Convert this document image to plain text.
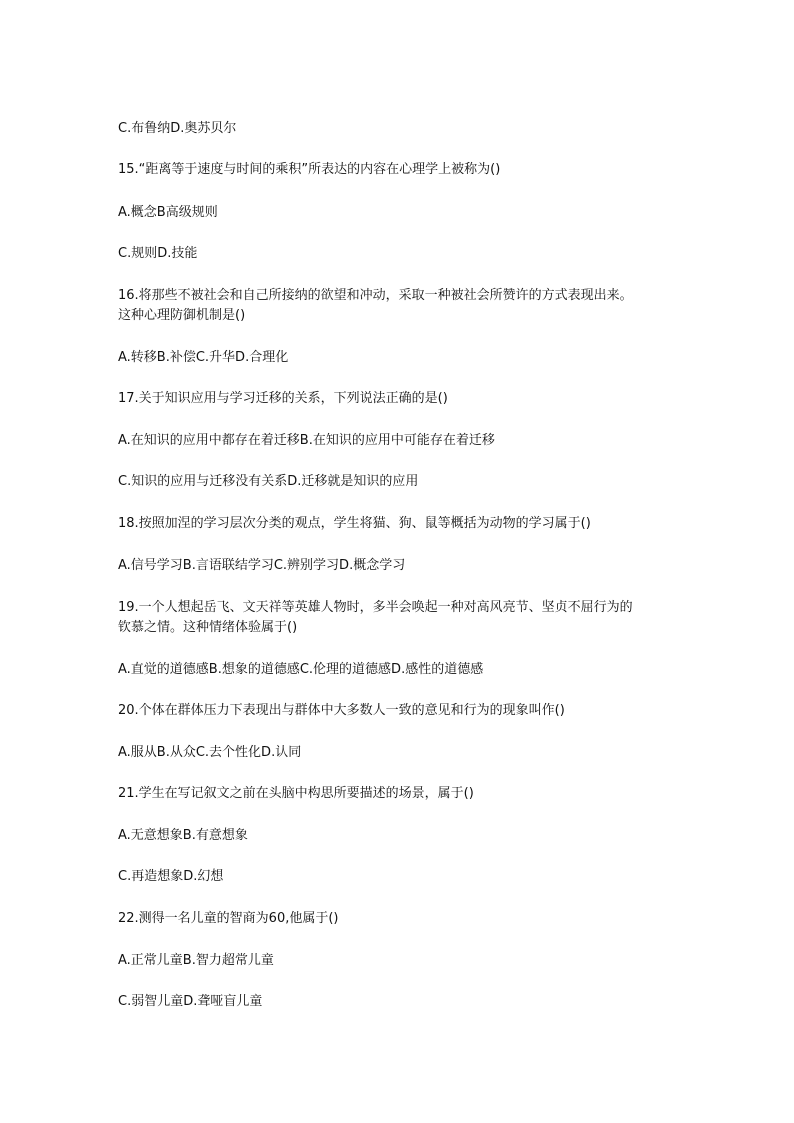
C.布鲁纳D.奥苏贝尔
15.“距离等于速度与时间的乘积”所表达的内容在心理学上被称为()
A.概念B高级规则
C.规则D.技能
16.将那些不被社会和自己所接纳的欲望和冲动，采取一种被社会所赞许的方式表现出来。
这种心理防御机制是()
A.转移B.补偿C.升华D.合理化
17.关于知识应用与学习迁移的关系，下列说法正确的是()
A.在知识的应用中都存在着迁移B.在知识的应用中可能存在着迁移
C.知识的应用与迁移没有关系D.迁移就是知识的应用
18.按照加涅的学习层次分类的观点，学生将猫、狗、鼠等概括为动物的学习属于()
A.信号学习B.言语联结学习C.辨别学习D.概念学习
19.一个人想起岳飞、文天祥等英雄人物时，多半会唤起一种对高风亮节、坚贞不屈行为的
钦慕之情。这种情绪体验属于()
A.直觉的道德感B.想象的道德感C.伦理的道德感D.感性的道德感
20.个体在群体压力下表现出与群体中大多数人一致的意见和行为的现象叫作()
A.服从B.从众C.去个性化D.认同
21.学生在写记叙文之前在头脑中构思所要描述的场景，属于()
A.无意想象B.有意想象
C.再造想象D.幻想
22.测得一名儿童的智商为60,他属于()
A.正常儿童B.智力超常儿童
C.弱智儿童D.聋哑盲儿童
